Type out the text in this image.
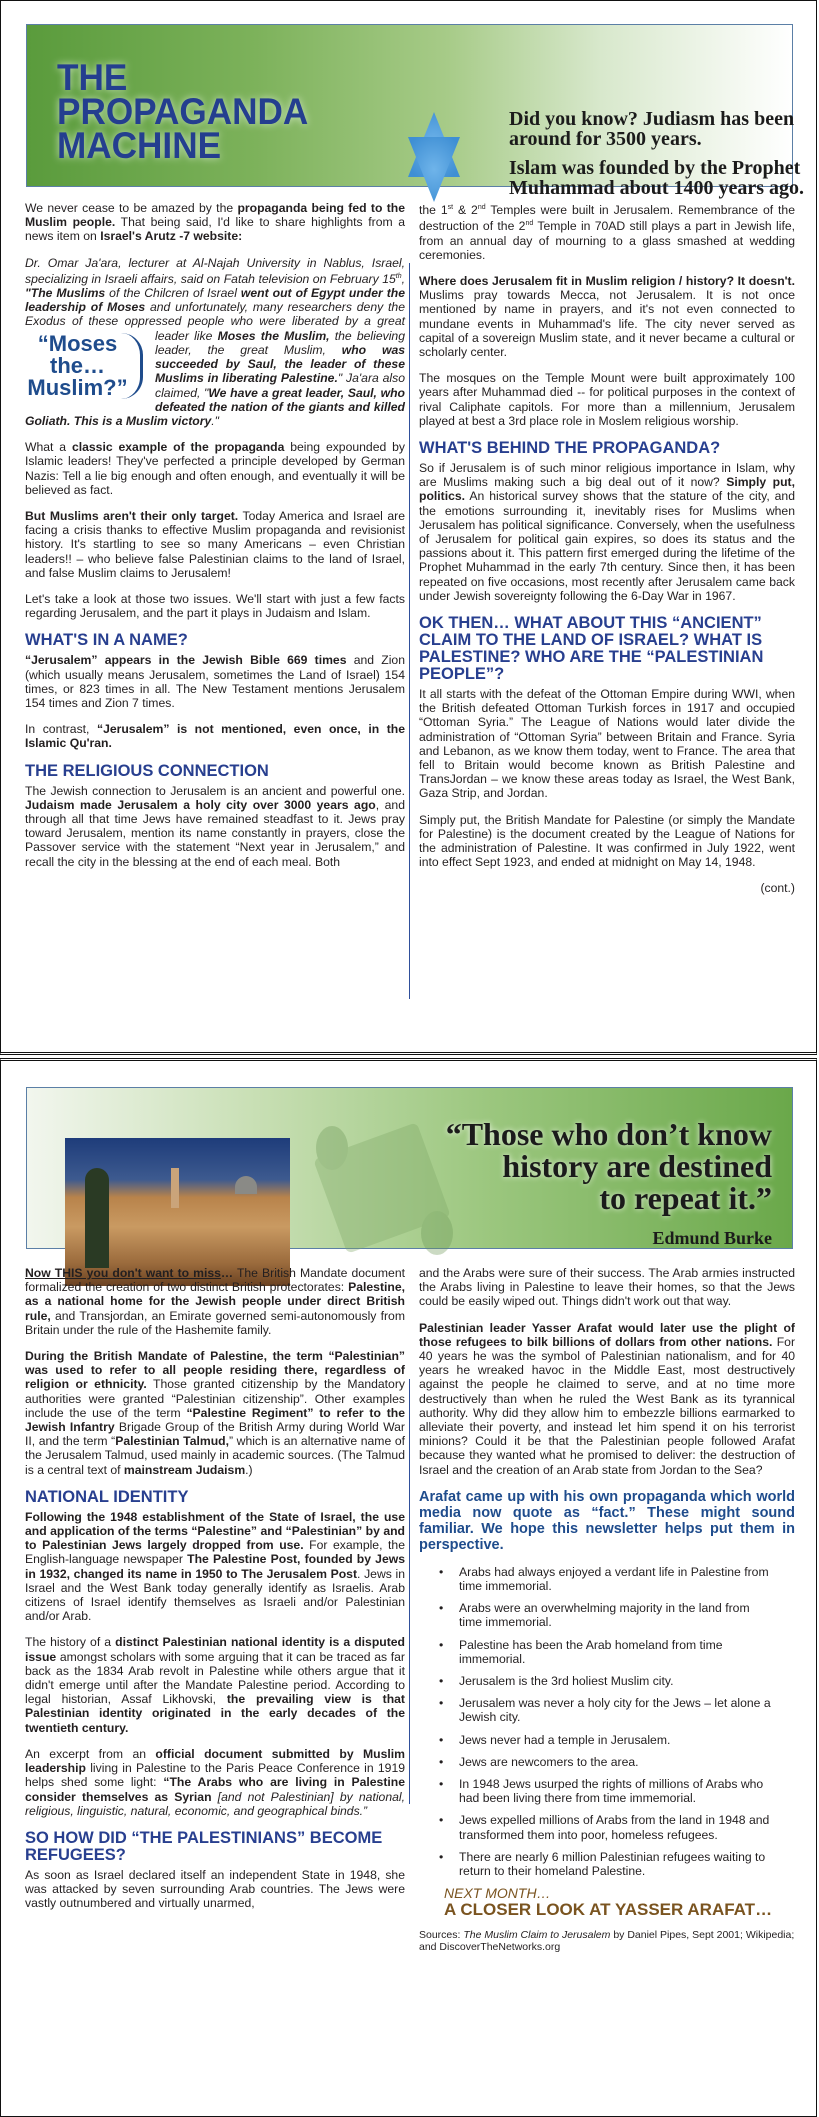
THE
PROPAGANDA
MACHINE

Did you know? Judiasm has been around for 3500 years.

Islam was founded by the Prophet Muhammad about 1400 years ago.

We never cease to be amazed by the propaganda being fed to the Muslim people. That being said, I'd like to share highlights from a news item on Israel's Arutz -7 website:

Dr. Omar Ja'ara, lecturer at Al-Najah University in Nablus, Israel, specializing in Israeli affairs, said on Fatah television on February 15th, "The Muslims of the Chilcren of Israel went out of Egypt under the leadership of Moses and unfortunately, many researchers deny the Exodus of these oppressed people who were liberated by a great leader like
“Moses the… Muslim?”
Moses the Muslim, the believing leader, the great Muslim, who was succeeded by Saul, the leader of these Muslims in liberating Palestine." Ja'ara also claimed, "We have a great leader, Saul, who defeated the nation of the giants and killed Goliath. This is a Muslim victory."

What a classic example of the propaganda being expounded by Islamic leaders! They've perfected a principle developed by German Nazis: Tell a lie big enough and often enough, and eventually it will be believed as fact.

But Muslims aren't their only target. Today America and Israel are facing a crisis thanks to effective Muslim propaganda and revisionist history. It's startling to see so many Americans – even Christian leaders!! – who believe false Palestinian claims to the land of Israel, and false Muslim claims to Jerusalem!

Let's take a look at those two issues. We'll start with just a few facts regarding Jerusalem, and the part it plays in Judaism and Islam.

WHAT'S IN A NAME?

“Jerusalem” appears in the Jewish Bible 669 times and Zion (which usually means Jerusalem, sometimes the Land of Israel) 154 times, or 823 times in all. The New Testament mentions Jerusalem 154 times and Zion 7 times.

In contrast, “Jerusalem” is not mentioned, even once, in the Islamic Qu'ran.

THE RELIGIOUS CONNECTION

The Jewish connection to Jerusalem is an ancient and powerful one. Judaism made Jerusalem a holy city over 3000 years ago, and through all that time Jews have remained steadfast to it. Jews pray toward Jerusalem, mention its name constantly in prayers, close the Passover service with the statement “Next year in Jerusalem,” and recall the city in the blessing at the end of each meal. Both

the 1st & 2nd Temples were built in Jerusalem. Remembrance of the destruction of the 2nd Temple in 70AD still plays a part in Jewish life, from an annual day of mourning to a glass smashed at wedding ceremonies.

Where does Jerusalem fit in Muslim religion / history? It doesn't. Muslims pray towards Mecca, not Jerusalem. It is not once mentioned by name in prayers, and it's not even connected to mundane events in Muhammad's life. The city never served as capital of a sovereign Muslim state, and it never became a cultural or scholarly center.

The mosques on the Temple Mount were built approximately 100 years after Muhammad died -- for political purposes in the context of rival Caliphate capitols. For more than a millennium, Jerusalem played at best a 3rd place role in Moslem religious worship.

WHAT'S BEHIND THE PROPAGANDA?

So if Jerusalem is of such minor religious importance in Islam, why are Muslims making such a big deal out of it now? Simply put, politics. An historical survey shows that the stature of the city, and the emotions surrounding it, inevitably rises for Muslims when Jerusalem has political significance. Conversely, when the usefulness of Jerusalem for political gain expires, so does its status and the passions about it. This pattern first emerged during the lifetime of the Prophet Muhammad in the early 7th century. Since then, it has been repeated on five occasions, most recently after Jerusalem came back under Jewish sovereignty following the 6-Day War in 1967.

OK THEN… WHAT ABOUT THIS “ANCIENT” CLAIM TO THE LAND OF ISRAEL? WHAT IS PALESTINE? WHO ARE THE “PALESTINIAN PEOPLE”?

It all starts with the defeat of the Ottoman Empire during WWI, when the British defeated Ottoman Turkish forces in 1917 and occupied “Ottoman Syria.” The League of Nations would later divide the administration of “Ottoman Syria” between Britain and France. Syria and Lebanon, as we know them today, went to France. The area that fell to Britain would become known as British Palestine and TransJordan – we know these areas today as Israel, the West Bank, Gaza Strip, and Jordan.

Simply put, the British Mandate for Palestine (or simply the Mandate for Palestine) is the document created by the League of Nations for the administration of Palestine. It was confirmed in July 1922, went into effect Sept 1923, and ended at midnight on May 14, 1948.

(cont.)

“Those who don’t know
history are destined
to repeat it.”
Edmund Burke

Now THIS you don't want to miss… The British Mandate document formalized the creation of two distinct British protectorates: Palestine, as a national home for the Jewish people under direct British rule, and Transjordan, an Emirate governed semi-autonomously from Britain under the rule of the Hashemite family.

During the British Mandate of Palestine, the term “Palestinian” was used to refer to all people residing there, regardless of religion or ethnicity. Those granted citizenship by the Mandatory authorities were granted “Palestinian citizenship”. Other examples include the use of the term “Palestine Regiment” to refer to the Jewish Infantry Brigade Group of the British Army during World War II, and the term “Palestinian Talmud,” which is an alternative name of the Jerusalem Talmud, used mainly in academic sources. (The Talmud is a central text of mainstream Judaism.)

NATIONAL IDENTITY

Following the 1948 establishment of the State of Israel, the use and application of the terms “Palestine” and “Palestinian” by and to Palestinian Jews largely dropped from use. For example, the English-language newspaper The Palestine Post, founded by Jews in 1932, changed its name in 1950 to The Jerusalem Post. Jews in Israel and the West Bank today generally identify as Israelis. Arab citizens of Israel identify themselves as Israeli and/or Palestinian and/or Arab.

The history of a distinct Palestinian national identity is a disputed issue amongst scholars with some arguing that it can be traced as far back as the 1834 Arab revolt in Palestine while others argue that it didn't emerge until after the Mandate Palestine period. According to legal historian, Assaf Likhovski, the prevailing view is that Palestinian identity originated in the early decades of the twentieth century.

An excerpt from an official document submitted by Muslim leadership living in Palestine to the Paris Peace Conference in 1919 helps shed some light: “The Arabs who are living in Palestine consider themselves as Syrian [and not Palestinian] by national, religious, linguistic, natural, economic, and geographical binds.”

SO HOW DID “THE PALESTINIANS” BECOME REFUGEES?

As soon as Israel declared itself an independent State in 1948, she was attacked by seven surrounding Arab countries. The Jews were vastly outnumbered and virtually unarmed,

and the Arabs were sure of their success. The Arab armies instructed the Arabs living in Palestine to leave their homes, so that the Jews could be easily wiped out. Things didn't work out that way.

Palestinian leader Yasser Arafat would later use the plight of those refugees to bilk billions of dollars from other nations. For 40 years he was the symbol of Palestinian nationalism, and for 40 years he wreaked havoc in the Middle East, most destructively against the people he claimed to serve, and at no time more destructively than when he ruled the West Bank as its tyrannical authority. Why did they allow him to embezzle billions earmarked to alleviate their poverty, and instead let him spend it on his terrorist minions? Could it be that the Palestinian people followed Arafat because they wanted what he promised to deliver: the destruction of Israel and the creation of an Arab state from Jordan to the Sea?

Arafat came up with his own propaganda which world media now quote as “fact.” These might sound familiar. We hope this newsletter helps put them in perspective.

• Arabs had always enjoyed a verdant life in Palestine from time immemorial.
• Arabs were an overwhelming majority in the land from time immemorial.
• Palestine has been the Arab homeland from time immemorial.
• Jerusalem is the 3rd holiest Muslim city.
• Jerusalem was never a holy city for the Jews – let alone a Jewish city.
• Jews never had a temple in Jerusalem.
• Jews are newcomers to the area.
• In 1948 Jews usurped the rights of millions of Arabs who had been living there from time immemorial.
• Jews expelled millions of Arabs from the land in 1948 and transformed them into poor, homeless refugees.
• There are nearly 6 million Palestinian refugees waiting to return to their homeland Palestine.
NEXT MONTH…
A CLOSER LOOK AT YASSER ARAFAT…

Sources: The Muslim Claim to Jerusalem by Daniel Pipes, Sept 2001; Wikipedia; and DiscoverTheNetworks.org
